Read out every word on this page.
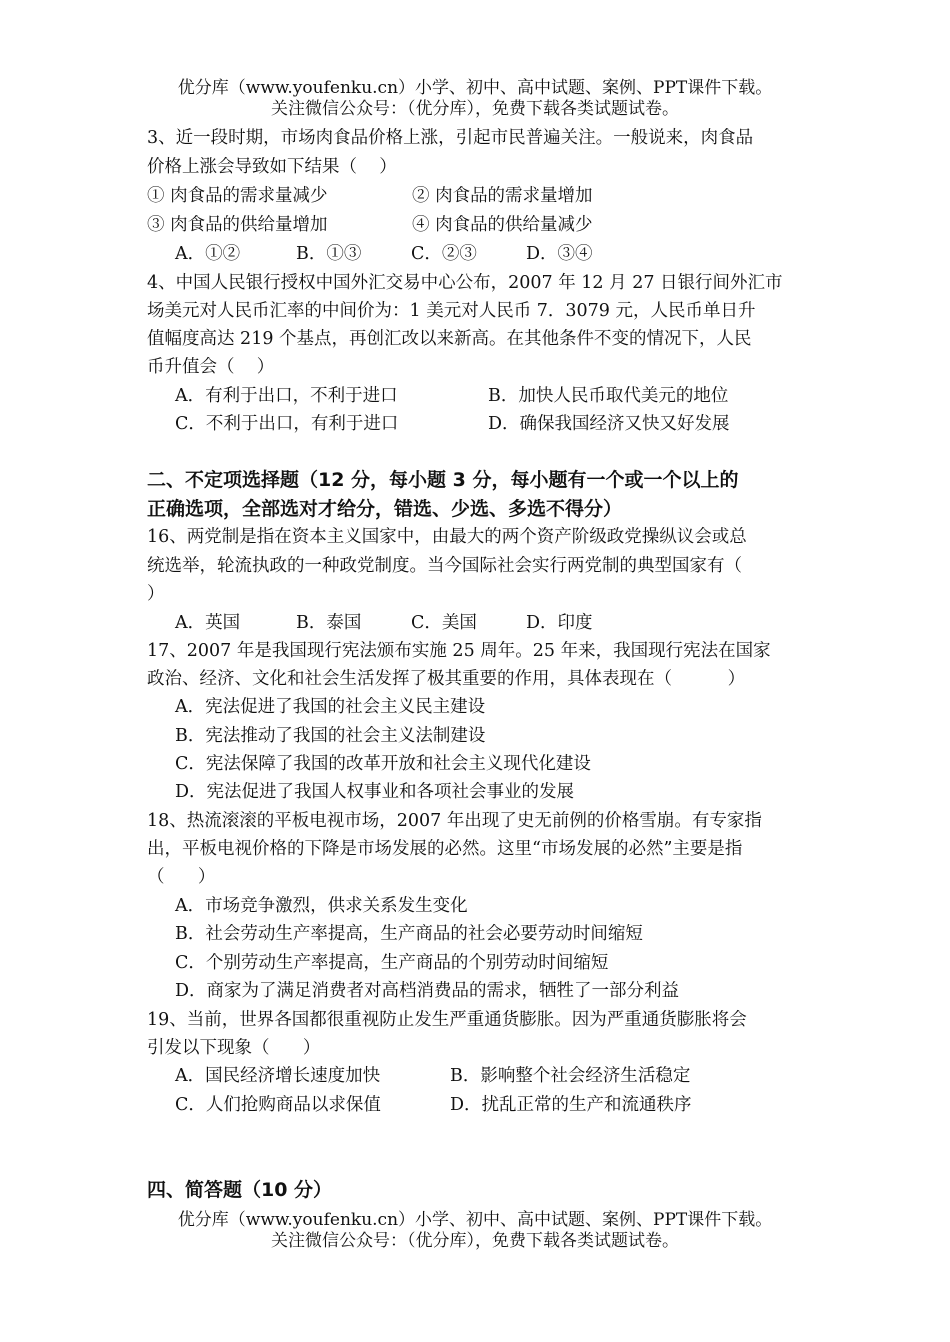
优分库（www.youfenku.cn）小学、初中、高中试题、案例、PPT课件下载。
关注微信公众号：（优分库），免费下载各类试题试卷。
3、近一段时期，市场肉食品价格上涨，引起市民普遍关注。一般说来，肉食品
价格上涨会导致如下结果（    ）
① 肉食品的需求量减少	② 肉食品的需求量增加
③ 肉食品的供给量增加	④ 肉食品的供给量减少
A．①②	B．①③	C．②③	D．③④
4、中国人民银行授权中国外汇交易中心公布，2007 年 12 月 27 日银行间外汇市
场美元对人民币汇率的中间价为：1 美元对人民币 7．3079 元，人民币单日升
值幅度高达 219 个基点，再创汇改以来新高。在其他条件不变的情况下，人民
币升值会（    ）
A．有利于出口，不利于进口	B．加快人民币取代美元的地位
C．不利于出口，有利于进口	D．确保我国经济又快又好发展
二、不定项选择题（12 分，每小题 3 分，每小题有一个或一个以上的
正确选项，全部选对才给分，错选、少选、多选不得分）
16、两党制是指在资本主义国家中，由最大的两个资产阶级政党操纵议会或总
统选举，轮流执政的一种政党制度。当今国际社会实行两党制的典型国家有（
）
A．英国	B．泰国	C．美国	D．印度
17、2007 年是我国现行宪法颁布实施 25 周年。25 年来，我国现行宪法在国家
政治、经济、文化和社会生活发挥了极其重要的作用，具体表现在（          ）
A．宪法促进了我国的社会主义民主建设
B．宪法推动了我国的社会主义法制建设
C．宪法保障了我国的改革开放和社会主义现代化建设
D．宪法促进了我国人权事业和各项社会事业的发展
18、热流滚滚的平板电视市场，2007 年出现了史无前例的价格雪崩。有专家指
出，平板电视价格的下降是市场发展的必然。这里“市场发展的必然”主要是指
（      ）
A．市场竞争激烈，供求关系发生变化
B．社会劳动生产率提高，生产商品的社会必要劳动时间缩短
C．个别劳动生产率提高，生产商品的个别劳动时间缩短
D．商家为了满足消费者对高档消费品的需求，牺牲了一部分利益
19、当前，世界各国都很重视防止发生严重通货膨胀。因为严重通货膨胀将会
引发以下现象（      ）
A．国民经济增长速度加快	B．影响整个社会经济生活稳定
C．人们抢购商品以求保值	D．扰乱正常的生产和流通秩序
四、简答题（10 分）
优分库（www.youfenku.cn）小学、初中、高中试题、案例、PPT课件下载。
关注微信公众号：（优分库），免费下载各类试题试卷。
